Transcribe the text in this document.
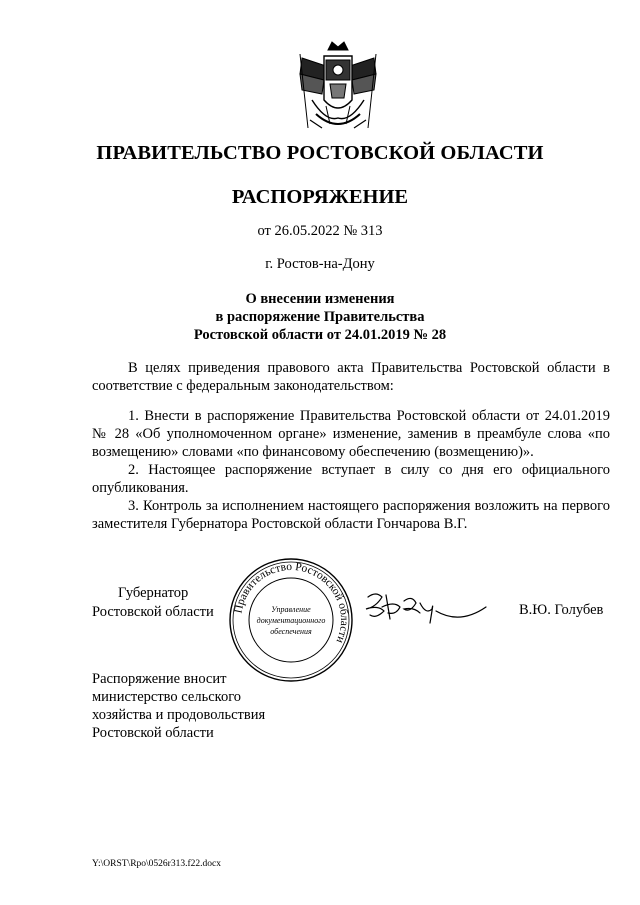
ПРАВИТЕЛЬСТВО РОСТОВСКОЙ ОБЛАСТИ
РАСПОРЯЖЕНИЕ
от 26.05.2022 № 313
г. Ростов-на-Дону
О внесении изменения
в распоряжение Правительства
Ростовской области от 24.01.2019 № 28

В целях приведения правового акта Правительства Ростовской области в соответствие с федеральным законодательством:

1. Внести в распоряжение Правительства Ростовской области от 24.01.2019 № 28 «Об уполномоченном органе» изменение, заменив в преамбуле слова «по возмещению» словами «по финансовому обеспечению (возмещению)».

2. Настоящее распоряжение вступает в силу со дня его официального опубликования.

3. Контроль за исполнением настоящего распоряжения возложить на первого заместителя Губернатора Ростовской области Гончарова В.Г.

Губернатор
Ростовской области Правительство Ростовской области
Управление
документационного
обеспечения
В.Ю. Голубев
Распоряжение вносит
министерство сельского
хозяйства и продовольствия
Ростовской области
Y:\ORST\Rpo\0526r313.f22.docx
